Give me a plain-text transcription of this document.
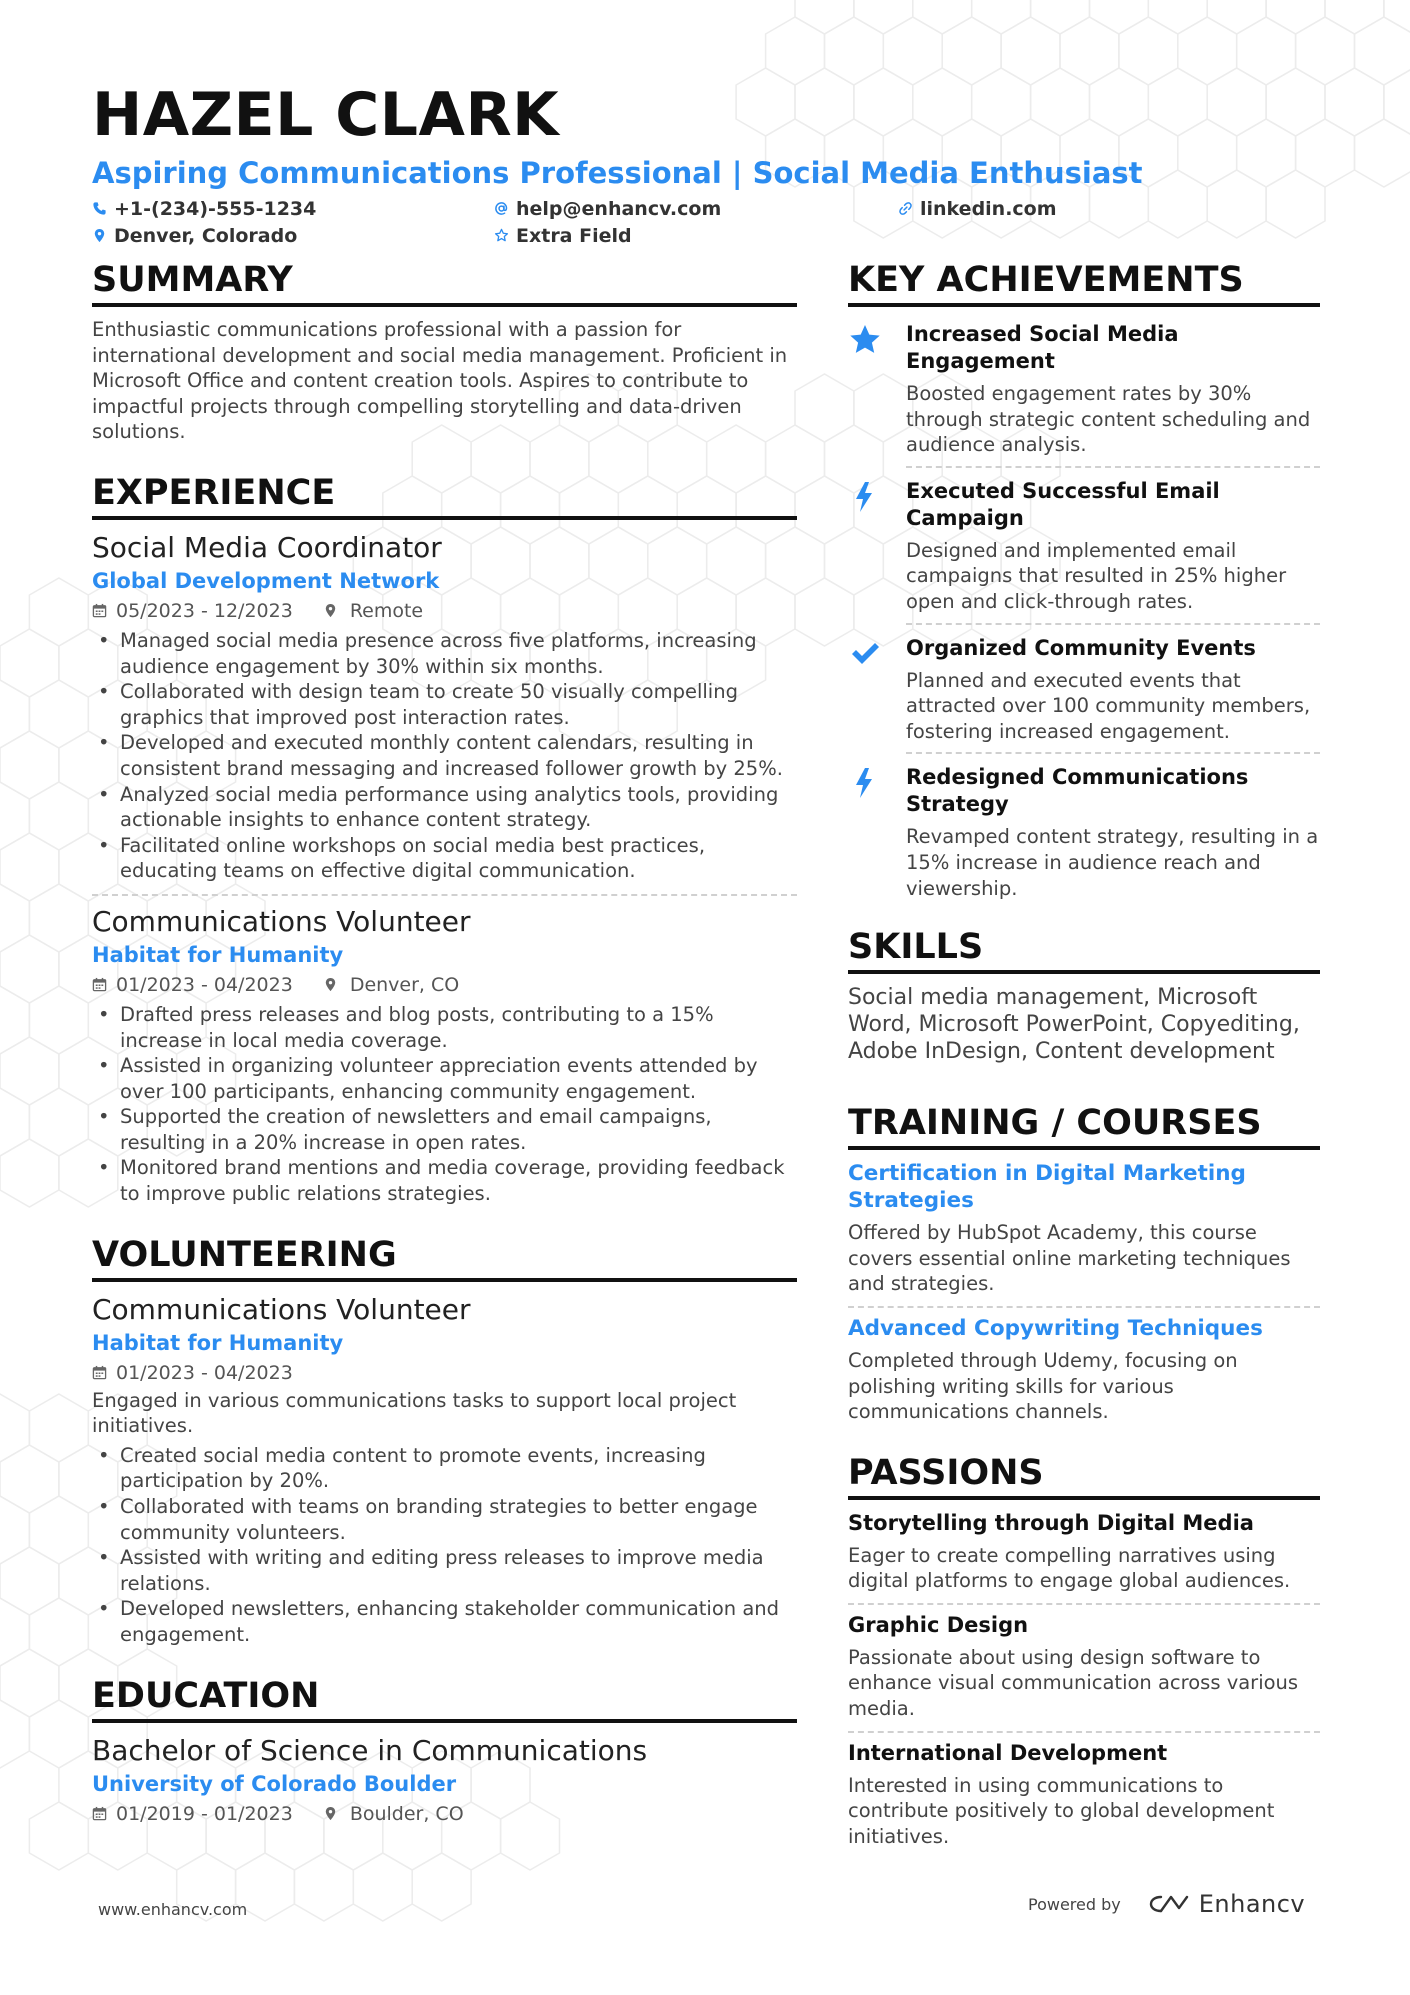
HAZEL CLARK
Aspiring Communications Professional | Social Media Enthusiast
+1-(234)-555-1234	help@enhancv.com	linkedin.com
Denver, Colorado	Extra Field
SUMMARY
Enthusiastic communications professional with a passion for international development and social media management. Proficient in Microsoft Office and content creation tools. Aspires to contribute to impactful projects through compelling storytelling and data-driven solutions.
EXPERIENCE
Social Media Coordinator
Global Development Network
05/2023 - 12/2023	Remote
• Managed social media presence across five platforms, increasing audience engagement by 30% within six months.
• Collaborated with design team to create 50 visually compelling graphics that improved post interaction rates.
• Developed and executed monthly content calendars, resulting in consistent brand messaging and increased follower growth by 25%.
• Analyzed social media performance using analytics tools, providing actionable insights to enhance content strategy.
• Facilitated online workshops on social media best practices, educating teams on effective digital communication.
Communications Volunteer
Habitat for Humanity
01/2023 - 04/2023	Denver, CO
• Drafted press releases and blog posts, contributing to a 15% increase in local media coverage.
• Assisted in organizing volunteer appreciation events attended by over 100 participants, enhancing community engagement.
• Supported the creation of newsletters and email campaigns, resulting in a 20% increase in open rates.
• Monitored brand mentions and media coverage, providing feedback to improve public relations strategies.
VOLUNTEERING
Communications Volunteer
Habitat for Humanity
01/2023 - 04/2023
Engaged in various communications tasks to support local project initiatives.
• Created social media content to promote events, increasing participation by 20%.
• Collaborated with teams on branding strategies to better engage community volunteers.
• Assisted with writing and editing press releases to improve media relations.
• Developed newsletters, enhancing stakeholder communication and engagement.
EDUCATION
Bachelor of Science in Communications
University of Colorado Boulder
01/2019 - 01/2023	Boulder, CO
KEY ACHIEVEMENTS
Increased Social Media Engagement
Boosted engagement rates by 30% through strategic content scheduling and audience analysis.
Executed Successful Email Campaign
Designed and implemented email campaigns that resulted in 25% higher open and click-through rates.
Organized Community Events
Planned and executed events that attracted over 100 community members, fostering increased engagement.
Redesigned Communications Strategy
Revamped content strategy, resulting in a 15% increase in audience reach and viewership.
SKILLS
Social media management, Microsoft Word, Microsoft PowerPoint, Copyediting, Adobe InDesign, Content development
TRAINING / COURSES
Certification in Digital Marketing Strategies
Offered by HubSpot Academy, this course covers essential online marketing techniques and strategies.
Advanced Copywriting Techniques
Completed through Udemy, focusing on polishing writing skills for various communications channels.
PASSIONS
Storytelling through Digital Media
Eager to create compelling narratives using digital platforms to engage global audiences.
Graphic Design
Passionate about using design software to enhance visual communication across various media.
International Development
Interested in using communications to contribute positively to global development initiatives.
www.enhancv.com	Powered by	Enhancv
